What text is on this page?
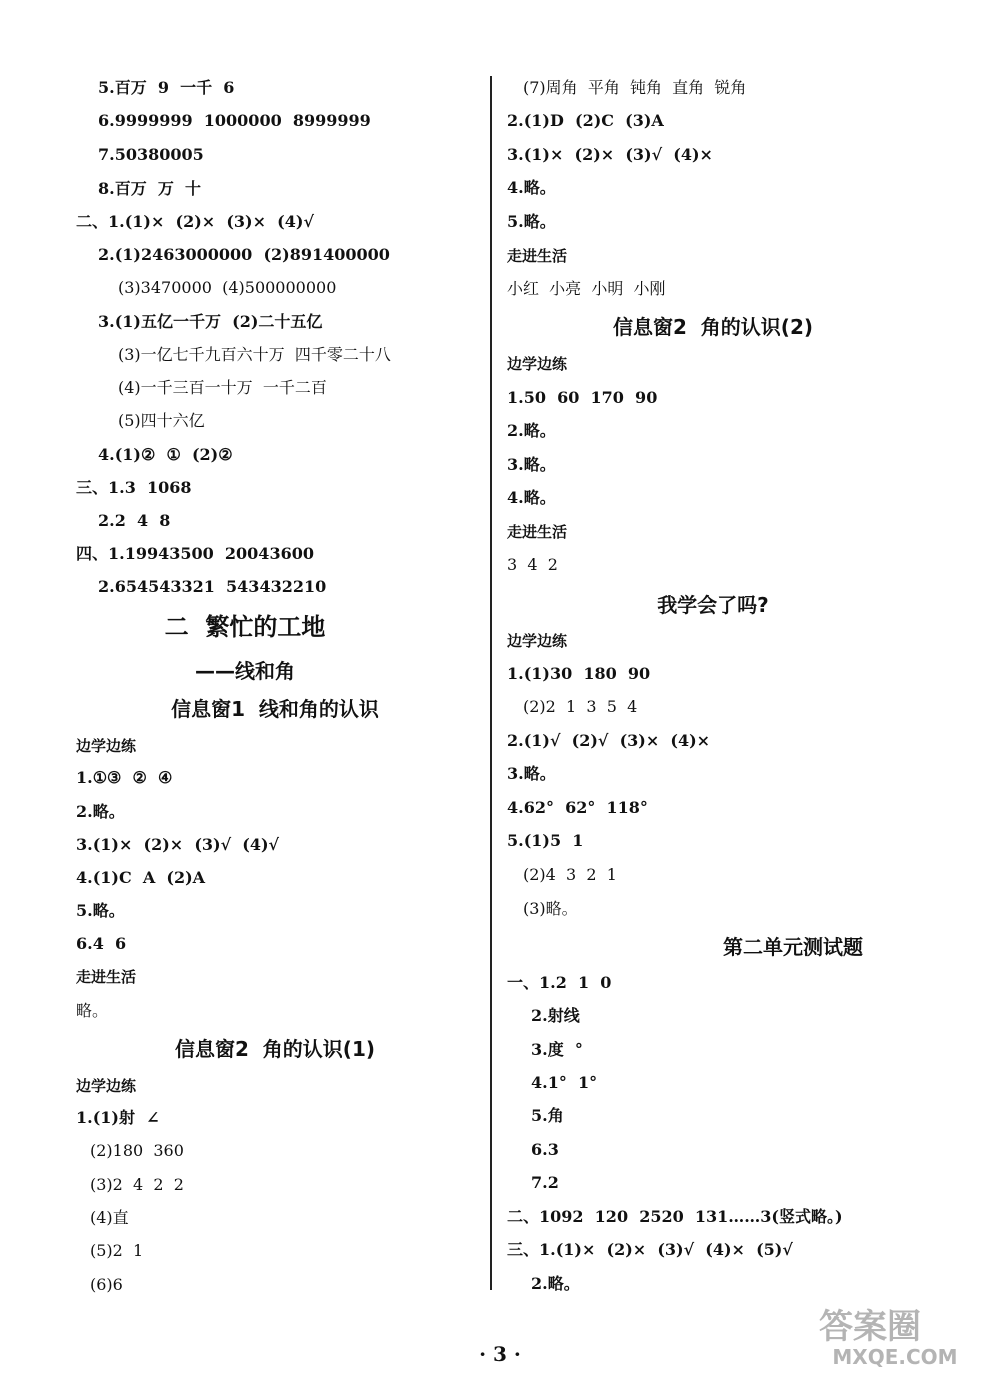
5.百万  9  一千  6
6.9999999  1000000  8999999
7.50380005
8.百万  万  十
二、1.(1)×  (2)×  (3)×  (4)√
2.(1)2463000000  (2)891400000
(3)3470000  (4)500000000
3.(1)五亿一千万  (2)二十五亿
(3)一亿七千九百六十万  四千零二十八
(4)一千三百一十万  一千二百
(5)四十六亿
4.(1)②  ①  (2)②
三、1.3  1068
2.2  4  8
四、1.19943500  20043600
2.654543321  543432210
二  繁忙的工地
——线和角
信息窗1  线和角的认识
边学边练
1.①③  ②  ④
2.略。
3.(1)×  (2)×  (3)√  (4)√
4.(1)C  A  (2)A
5.略。
6.4  6
走进生活
略。
信息窗2  角的认识(1)
边学边练
1.(1)射  ∠
(2)180  360
(3)2  4  2  2
(4)直
(5)2  1
(6)6
(7)周角  平角  钝角  直角  锐角
2.(1)D  (2)C  (3)A
3.(1)×  (2)×  (3)√  (4)×
4.略。
5.略。
走进生活
小红  小亮  小明  小刚
信息窗2  角的认识(2)
边学边练
1.50  60  170  90
2.略。
3.略。
4.略。
走进生活
3  4  2
我学会了吗?
边学边练
1.(1)30  180  90
(2)2  1  3  5  4
2.(1)√  (2)√  (3)×  (4)×
3.略。
4.62°  62°  118°
5.(1)5  1
(2)4  3  2  1
(3)略。
第二单元测试题
一、1.2  1  0
2.射线
3.度  °
4.1°  1°
5.角
6.3
7.2
二、1092  120  2520  131……3(竖式略。)
三、1.(1)×  (2)×  (3)√  (4)×  (5)√
2.略。
· 3 ·
答案圈
MXQE.COM
